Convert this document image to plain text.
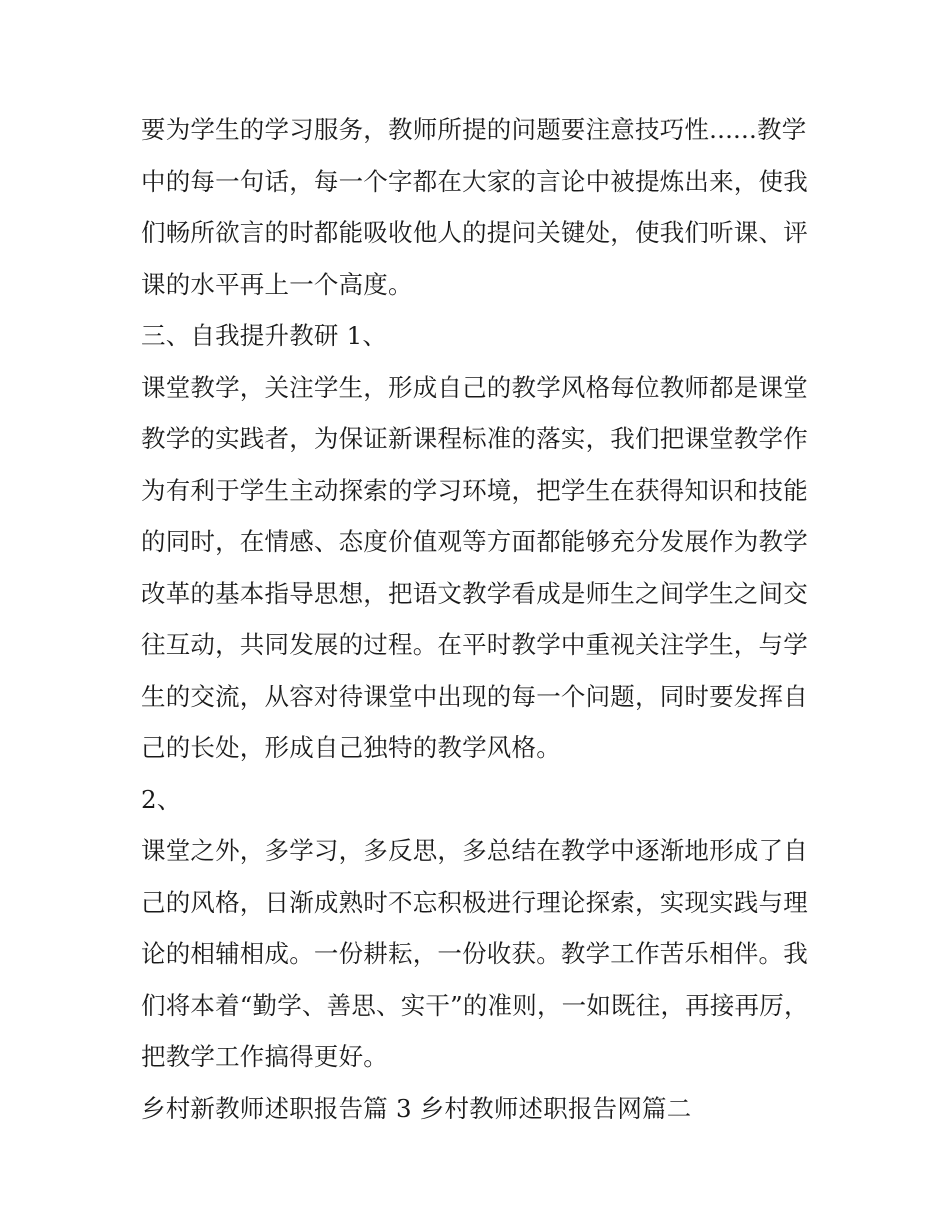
要为学生的学习服务，教师所提的问题要注意技巧性......教学
中的每一句话，每一个字都在大家的言论中被提炼出来，使我
们畅所欲言的时都能吸收他人的提问关键处，使我们听课、评
课的水平再上一个高度。
三、自我提升教研 1、
课堂教学，关注学生，形成自己的教学风格每位教师都是课堂
教学的实践者，为保证新课程标准的落实，我们把课堂教学作
为有利于学生主动探索的学习环境，把学生在获得知识和技能
的同时，在情感、态度价值观等方面都能够充分发展作为教学
改革的基本指导思想，把语文教学看成是师生之间学生之间交
往互动，共同发展的过程。在平时教学中重视关注学生，与学
生的交流，从容对待课堂中出现的每一个问题，同时要发挥自
己的长处，形成自己独特的教学风格。
2、
课堂之外，多学习，多反思，多总结在教学中逐渐地形成了自
己的风格，日渐成熟时不忘积极进行理论探索，实现实践与理
论的相辅相成。一份耕耘，一份收获。教学工作苦乐相伴。我
们将本着“勤学、善思、实干”的准则，一如既往，再接再厉，
把教学工作搞得更好。
乡村新教师述职报告篇 3 乡村教师述职报告网篇二
